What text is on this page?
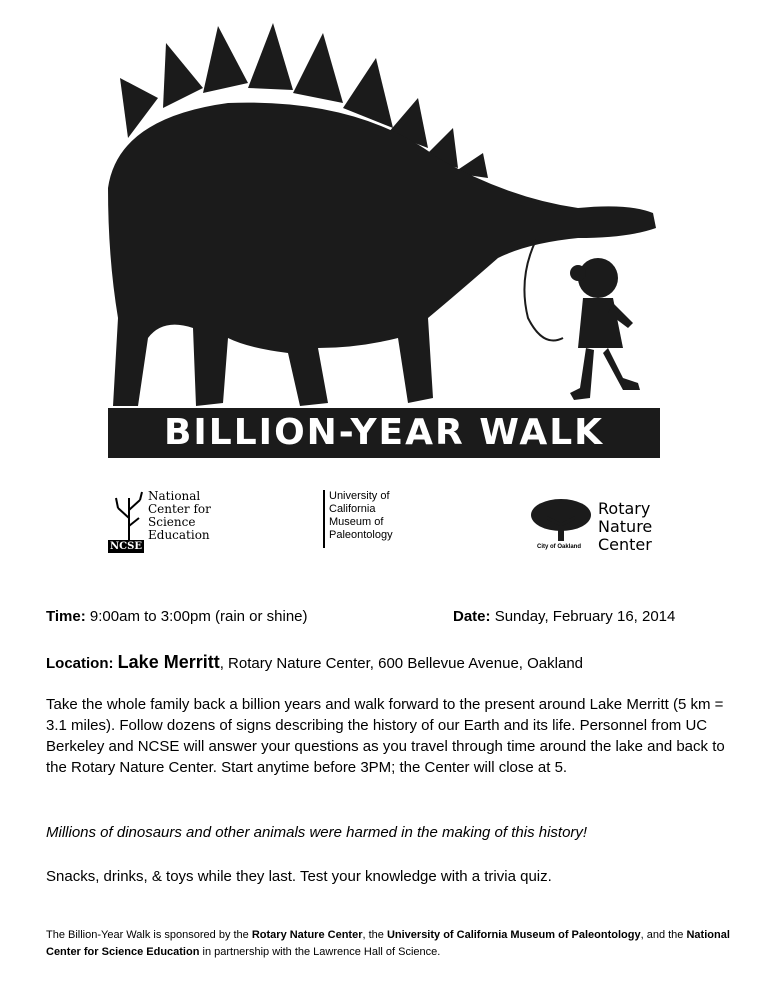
BILLION-YEAR WALK
National
Center for
Science
Education
NCSE
University of
California
Museum of
Paleontology
City of Oakland
Rotary
Nature
Center
Time: 9:00am to 3:00pm (rain or shine)	Date: Sunday, February 16, 2014
Location: Lake Merritt, Rotary Nature Center, 600 Bellevue Avenue, Oakland
Take the whole family back a billion years and walk forward to the present around Lake Merritt (5 km = 3.1 miles). Follow dozens of signs describing the history of our Earth and its life. Personnel from UC Berkeley and NCSE will answer your questions as you travel through time around the lake and back to the Rotary Nature Center. Start anytime before 3PM; the Center will close at 5.
Millions of dinosaurs and other animals were harmed in the making of this history!
Snacks, drinks, & toys while they last. Test your knowledge with a trivia quiz.
The Billion-Year Walk is sponsored by the Rotary Nature Center, the University of California Museum of Paleontology, and the National Center for Science Education in partnership with the Lawrence Hall of Science.
